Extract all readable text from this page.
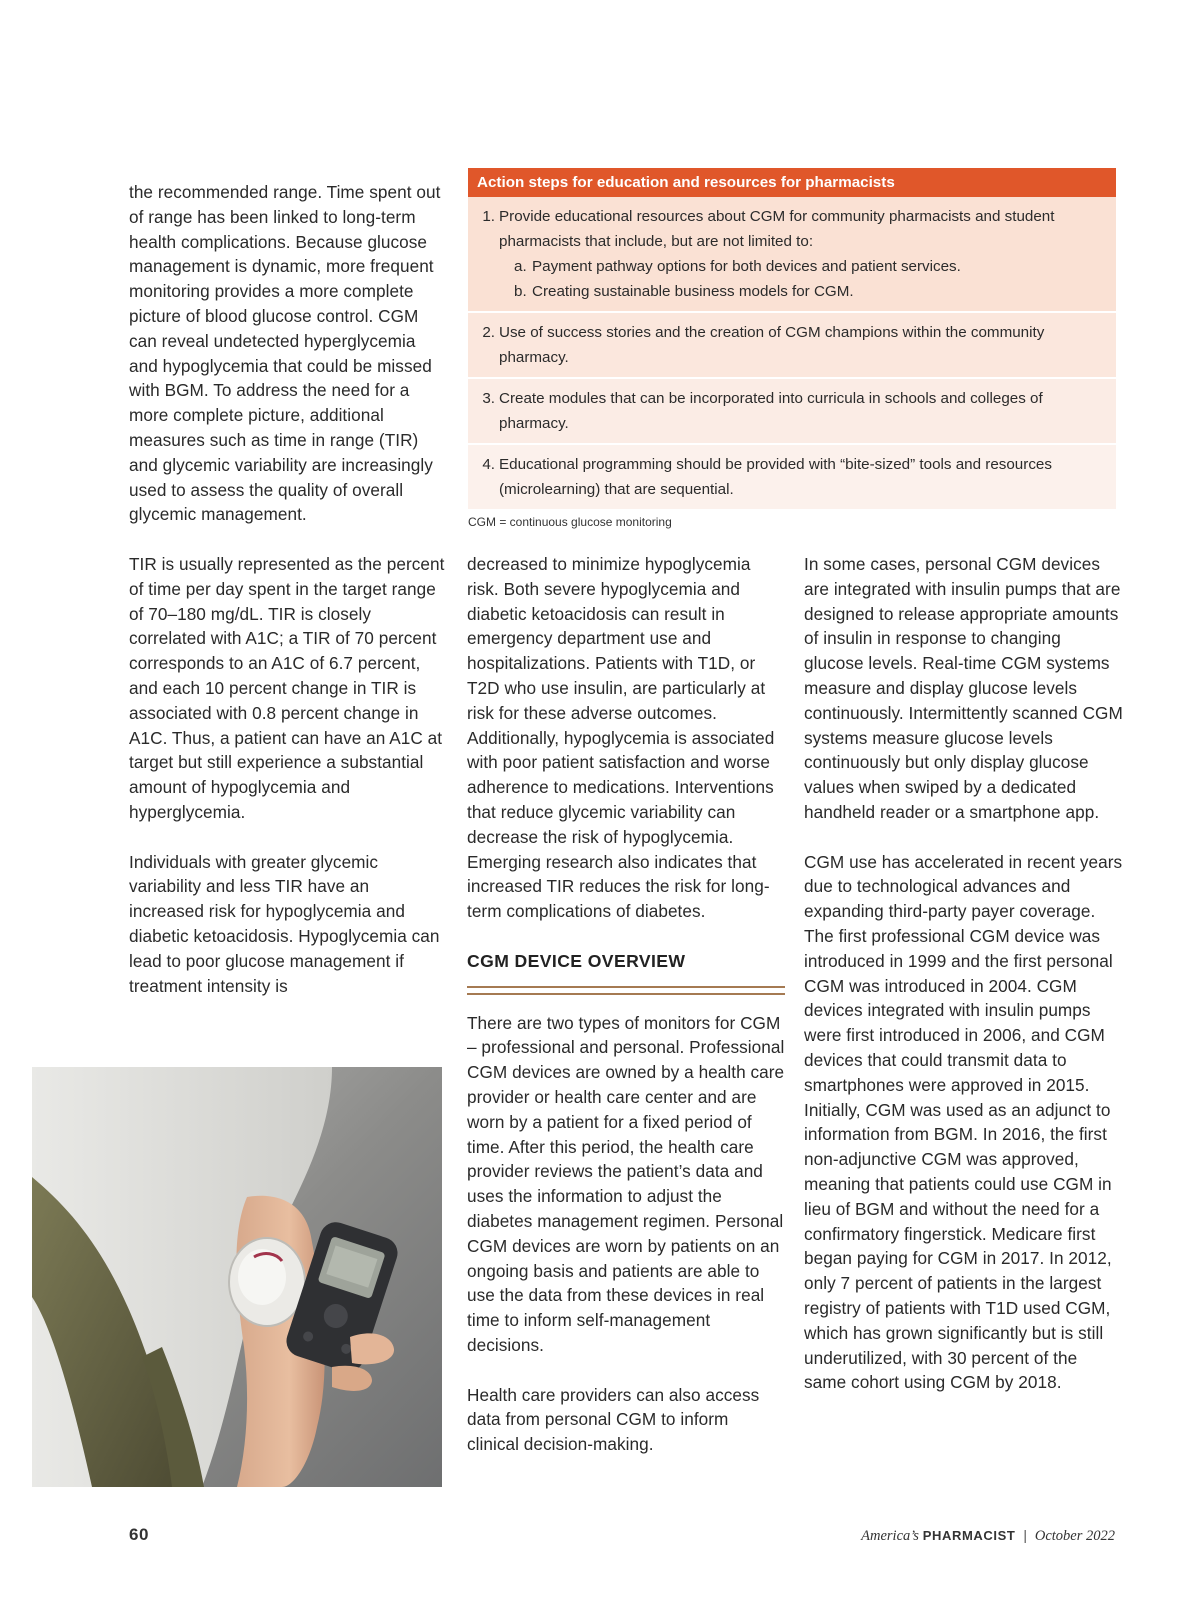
the recommended range. Time spent out of range has been linked to long-term health complications. Because glucose management is dynamic, more frequent monitoring provides a more complete picture of blood glucose control. CGM can reveal undetected hyperglycemia and hypoglycemia that could be missed with BGM. To address the need for a more complete picture, additional measures such as time in range (TIR) and glycemic variability are increasingly used to assess the quality of overall glycemic management.

TIR is usually represented as the percent of time per day spent in the target range of 70–180 mg/dL. TIR is closely correlated with A1C; a TIR of 70 percent corresponds to an A1C of 6.7 percent, and each 10 percent change in TIR is associated with 0.8 percent change in A1C. Thus, a patient can have an A1C at target but still experience a substantial amount of hypoglycemia and hyperglycemia.

Individuals with greater glycemic variability and less TIR have an increased risk for hypoglycemia and diabetic ketoacidosis. Hypoglycemia can lead to poor glucose management if treatment intensity is

Action steps for education and resources for pharmacists
1. Provide educational resources about CGM for community pharmacists and student pharmacists that include, but are not limited to:
a. Payment pathway options for both devices and patient services.
b. Creating sustainable business models for CGM.
2. Use of success stories and the creation of CGM champions within the community pharmacy.
3. Create modules that can be incorporated into curricula in schools and colleges of pharmacy.
4. Educational programming should be provided with “bite-sized” tools and resources (microlearning) that are sequential.
CGM = continuous glucose monitoring

decreased to minimize hypoglycemia risk. Both severe hypoglycemia and diabetic ketoacidosis can result in emergency department use and hospitalizations. Patients with T1D, or T2D who use insulin, are particularly at risk for these adverse outcomes. Additionally, hypoglycemia is associated with poor patient satisfaction and worse adherence to medications. Interventions that reduce glycemic variability can decrease the risk of hypoglycemia. Emerging research also indicates that increased TIR reduces the risk for long-term complications of diabetes.

CGM DEVICE OVERVIEW

There are two types of monitors for CGM – professional and personal. Professional CGM devices are owned by a health care provider or health care center and are worn by a patient for a fixed period of time. After this period, the health care provider reviews the patient’s data and uses the information to adjust the diabetes management regimen. Personal CGM devices are worn by patients on an ongoing basis and patients are able to use the data from these devices in real time to inform self-management decisions.

Health care providers can also access data from personal CGM to inform clinical decision-making.

In some cases, personal CGM devices are integrated with insulin pumps that are designed to release appropriate amounts of insulin in response to changing glucose levels. Real-time CGM systems measure and display glucose levels continuously. Intermittently scanned CGM systems measure glucose levels continuously but only display glucose values when swiped by a dedicated handheld reader or a smartphone app.

CGM use has accelerated in recent years due to technological advances and expanding third-party payer coverage. The first professional CGM device was introduced in 1999 and the first personal CGM was introduced in 2004. CGM devices integrated with insulin pumps were first introduced in 2006, and CGM devices that could transmit data to smartphones were approved in 2015. Initially, CGM was used as an adjunct to information from BGM. In 2016, the first non-adjunctive CGM was approved, meaning that patients could use CGM in lieu of BGM and without the need for a confirmatory fingerstick. Medicare first began paying for CGM in 2017. In 2012, only 7 percent of patients in the largest registry of patients with T1D used CGM, which has grown significantly but is still underutilized, with 30 percent of the same cohort using CGM by 2018.

60	America’s PHARMACIST | October 2022
